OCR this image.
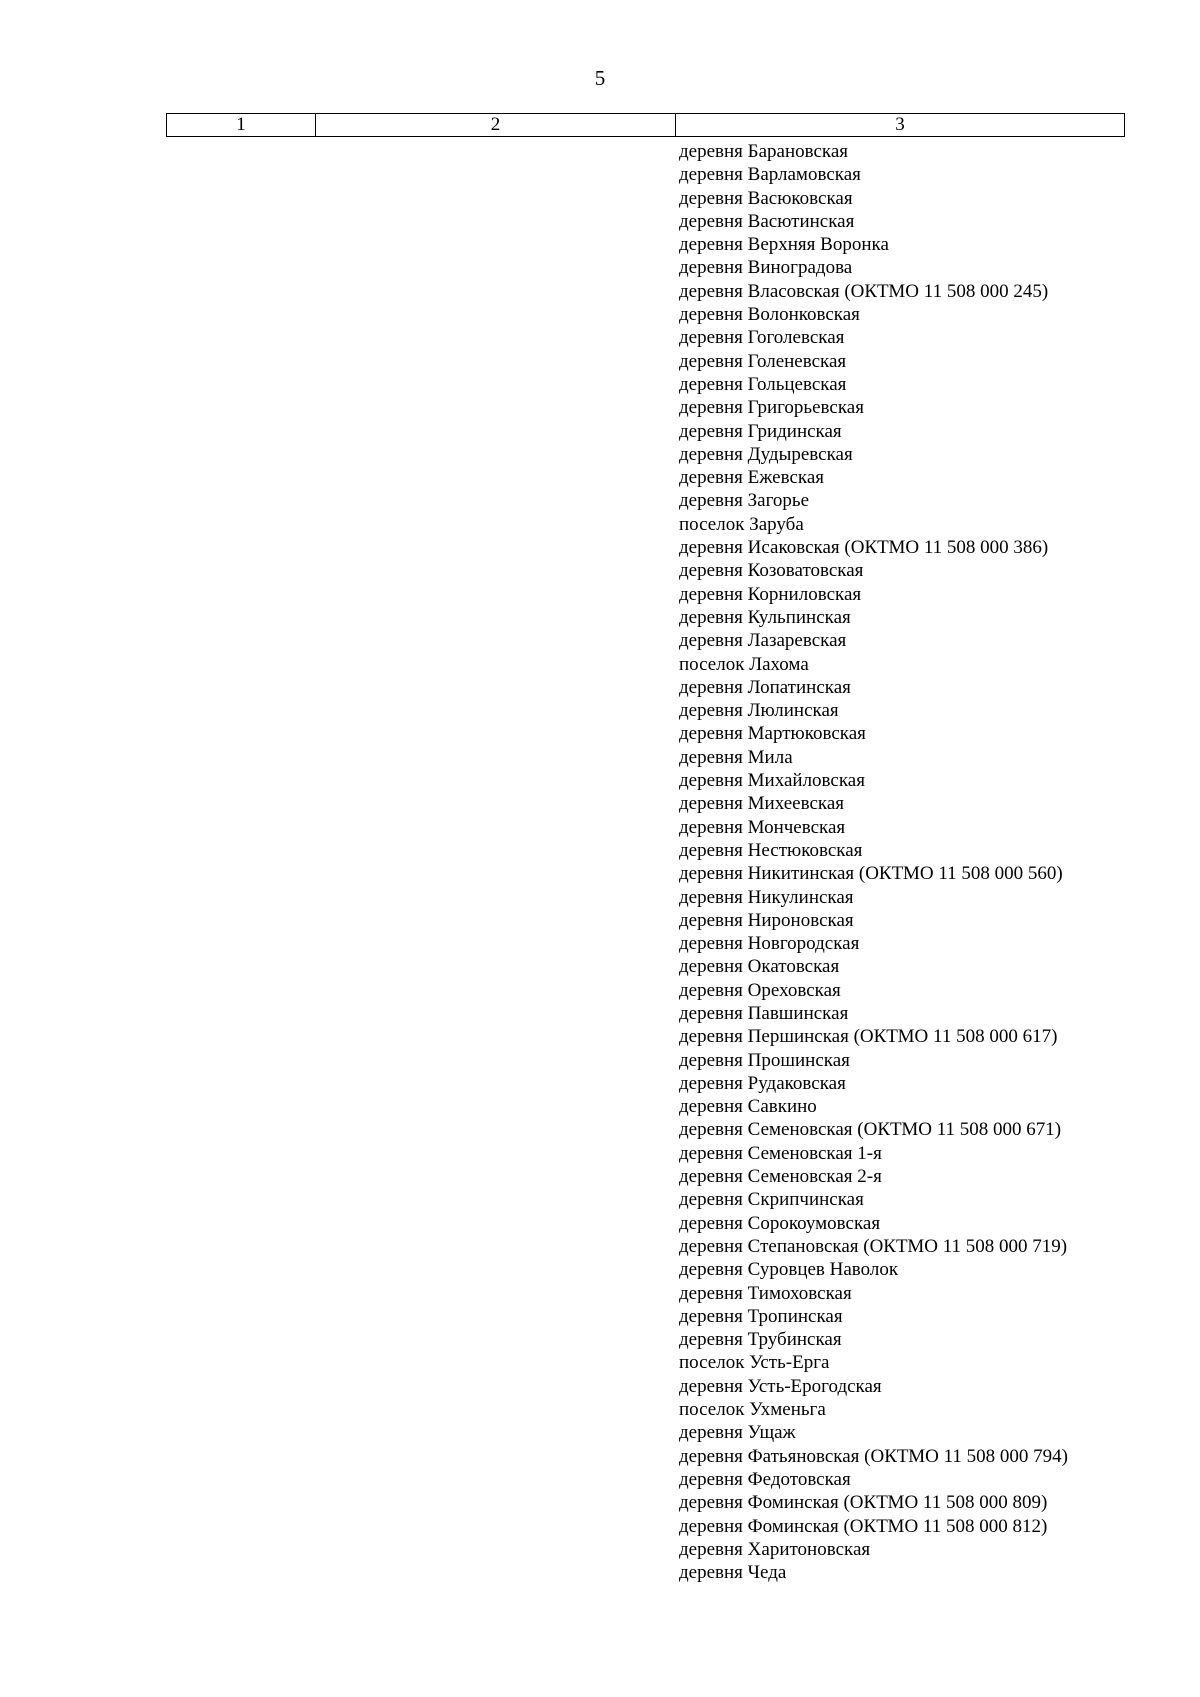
5
1	2	3
деревня Барановская
деревня Варламовская
деревня Васюковская
деревня Васютинская
деревня Верхняя Воронка
деревня Виноградова
деревня Власовская (ОКТМО 11 508 000 245)
деревня Волонковская
деревня Гоголевская
деревня Голеневская
деревня Гольцевская
деревня Григорьевская
деревня Гридинская
деревня Дудыревская
деревня Ежевская
деревня Загорье
поселок Заруба
деревня Исаковская (ОКТМО 11 508 000 386)
деревня Козоватовская
деревня Корниловская
деревня Кульпинская
деревня Лазаревская
поселок Лахома
деревня Лопатинская
деревня Люлинская
деревня Мартюковская
деревня Мила
деревня Михайловская
деревня Михеевская
деревня Мончевская
деревня Нестюковская
деревня Никитинская (ОКТМО 11 508 000 560)
деревня Никулинская
деревня Нироновская
деревня Новгородская
деревня Окатовская
деревня Ореховская
деревня Павшинская
деревня Першинская (ОКТМО 11 508 000 617)
деревня Прошинская
деревня Рудаковская
деревня Савкино
деревня Семеновская (ОКТМО 11 508 000 671)
деревня Семеновская 1-я
деревня Семеновская 2-я
деревня Скрипчинская
деревня Сорокоумовская
деревня Степановская (ОКТМО 11 508 000 719)
деревня Суровцев Наволок
деревня Тимоховская
деревня Тропинская
деревня Трубинская
поселок Усть-Ерга
деревня Усть-Ерогодская
поселок Ухменьга
деревня Ущаж
деревня Фатьяновская (ОКТМО 11 508 000 794)
деревня Федотовская
деревня Фоминская (ОКТМО 11 508 000 809)
деревня Фоминская (ОКТМО 11 508 000 812)
деревня Харитоновская
деревня Чеда
